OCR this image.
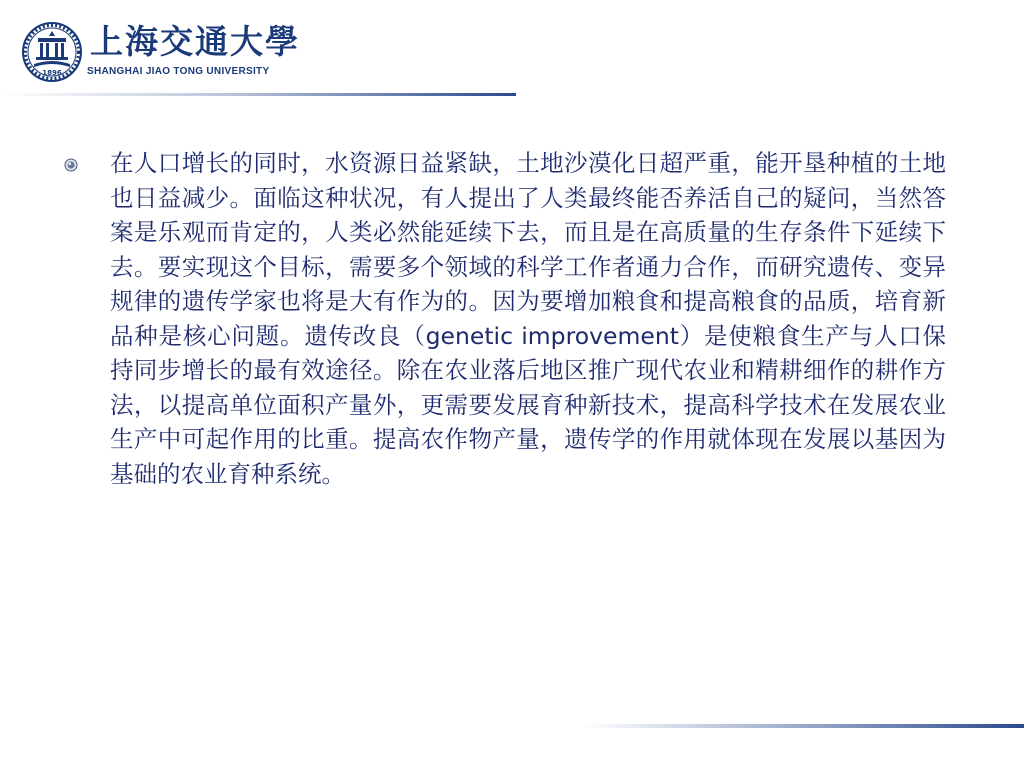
1896
上海交通大學
SHANGHAI JIAO TONG UNIVERSITY

在人口增长的同时，水资源日益紧缺，土地沙漠化日超严重，能开垦种植的土地也日益减少。面临这种状况，有人提出了人类最终能否养活自己的疑问，当然答案是乐观而肯定的，人类必然能延续下去，而且是在高质量的生存条件下延续下去。要实现这个目标，需要多个领域的科学工作者通力合作，而研究遗传、变异规律的遗传学家也将是大有作为的。因为要增加粮食和提高粮食的品质，培育新品种是核心问题。遗传改良（genetic improvement）是使粮食生产与人口保持同步增长的最有效途径。除在农业落后地区推广现代农业和精耕细作的耕作方法，以提高单位面积产量外，更需要发展育种新技术，提高科学技术在发展农业生产中可起作用的比重。提高农作物产量，遗传学的作用就体现在发展以基因为基础的农业育种系统。
